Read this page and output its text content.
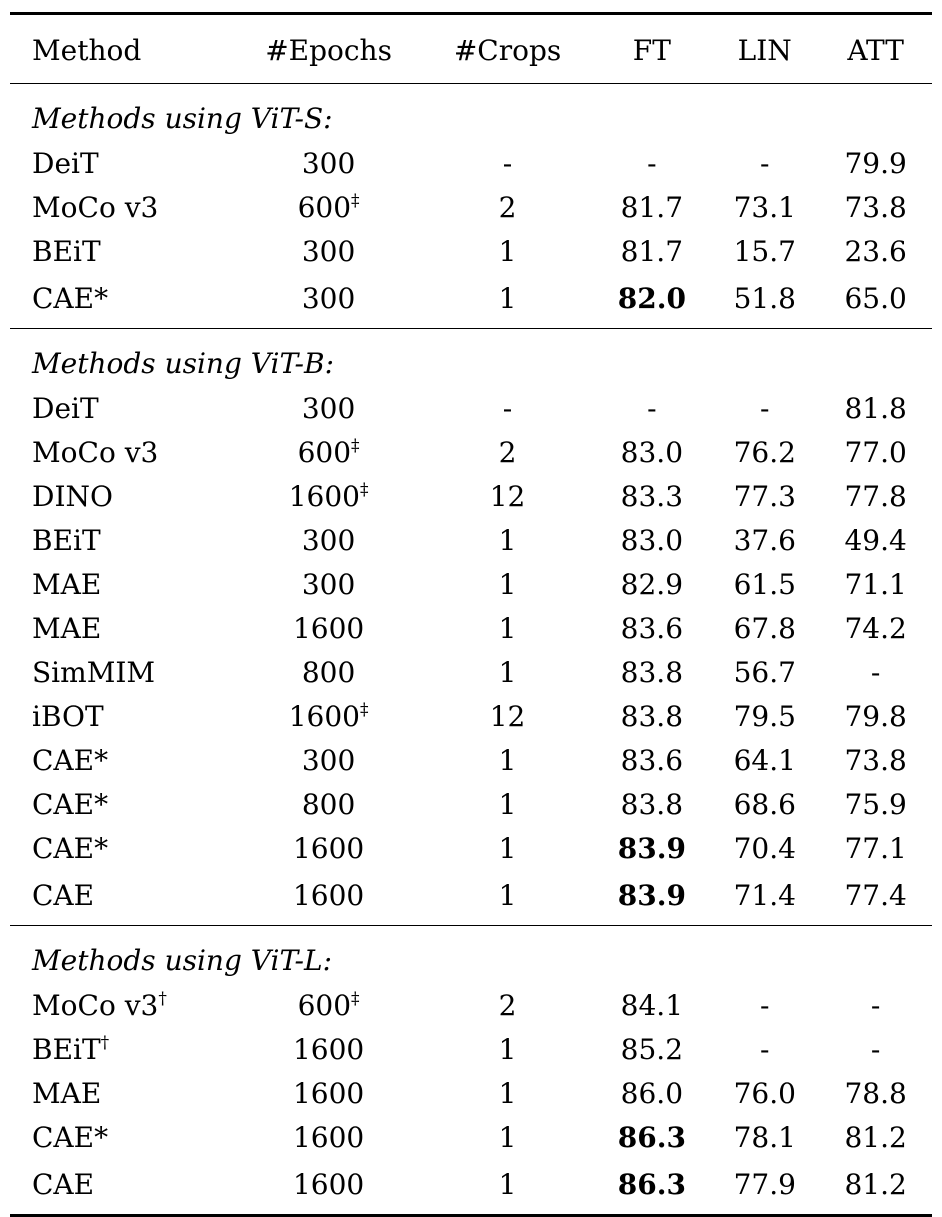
Method	#Epochs	#Crops	FT	LIN	ATT
Methods using ViT-S:					
DeiT	300	-	-	-	79.9
MoCo v3	600‡	2	81.7	73.1	73.8
BEiT	300	1	81.7	15.7	23.6
CAE*	300	1	82.0	51.8	65.0
Methods using ViT-B:					
DeiT	300	-	-	-	81.8
MoCo v3	600‡	2	83.0	76.2	77.0
DINO	1600‡	12	83.3	77.3	77.8
BEiT	300	1	83.0	37.6	49.4
MAE	300	1	82.9	61.5	71.1
MAE	1600	1	83.6	67.8	74.2
SimMIM	800	1	83.8	56.7	-
iBOT	1600‡	12	83.8	79.5	79.8
CAE*	300	1	83.6	64.1	73.8
CAE*	800	1	83.8	68.6	75.9
CAE*	1600	1	83.9	70.4	77.1
CAE	1600	1	83.9	71.4	77.4
Methods using ViT-L:					
MoCo v3†	600‡	2	84.1	-	-
BEiT†	1600	1	85.2	-	-
MAE	1600	1	86.0	76.0	78.8
CAE*	1600	1	86.3	78.1	81.2
CAE	1600	1	86.3	77.9	81.2
